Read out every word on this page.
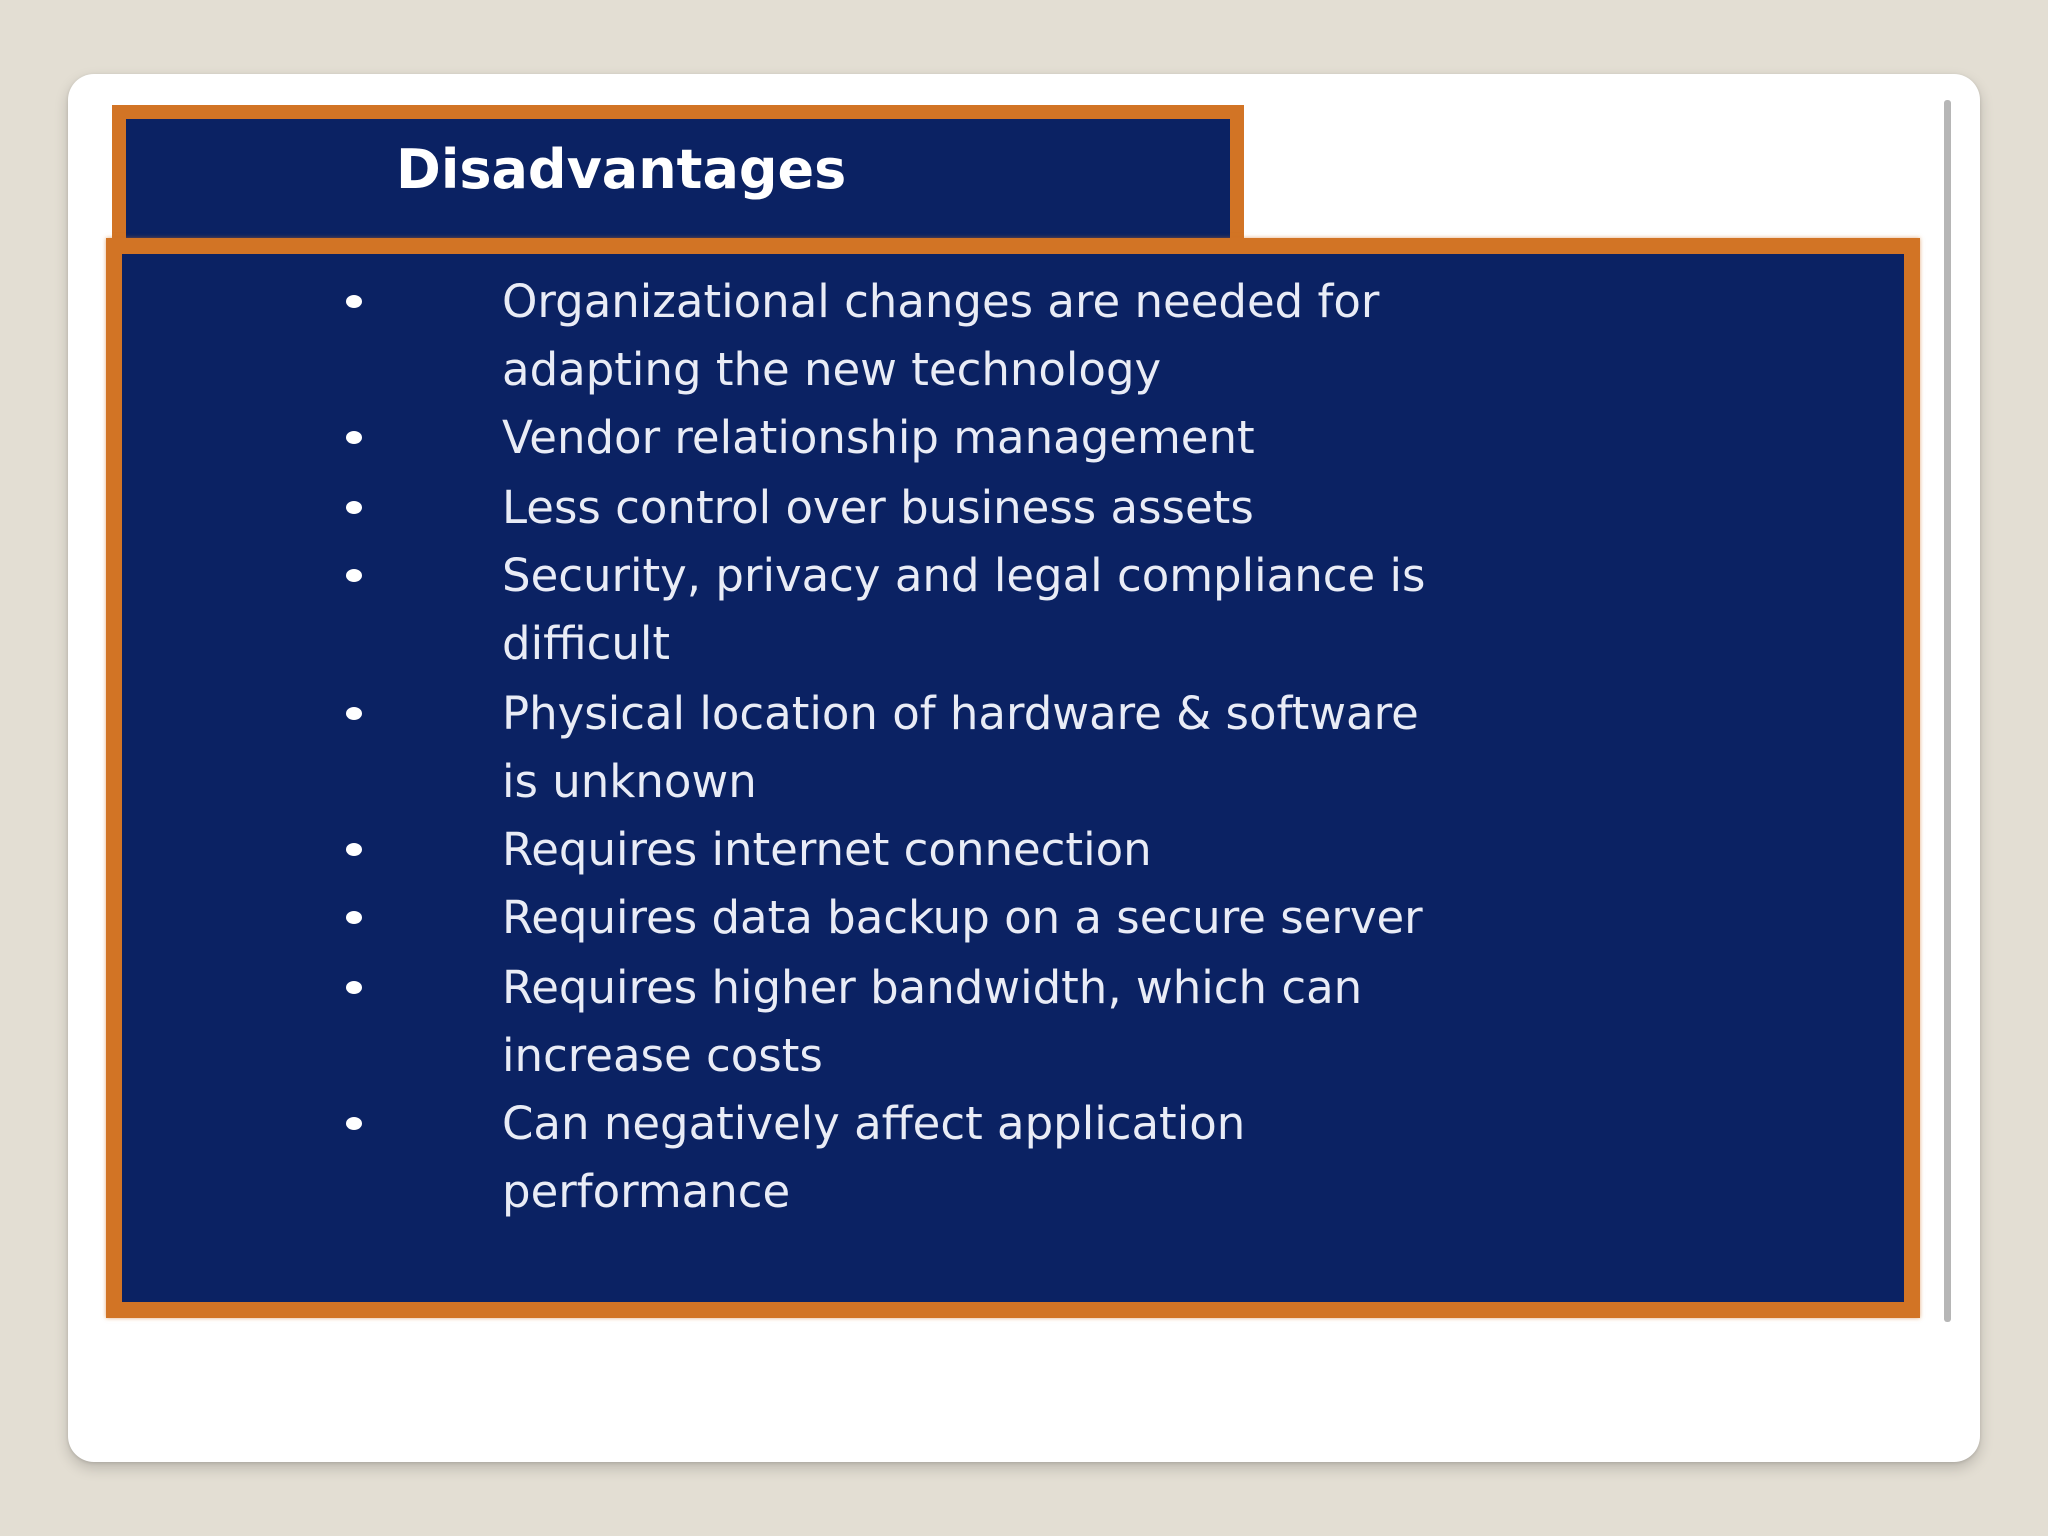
Disadvantages
Organizational changes are needed for
adapting the new technology
Vendor relationship management
Less control over business assets
Security, privacy and legal compliance is
difficult
Physical location of hardware & software
is unknown
Requires internet connection
Requires data backup on a secure server
Requires higher bandwidth, which can
increase costs
Can negatively affect application
performance
